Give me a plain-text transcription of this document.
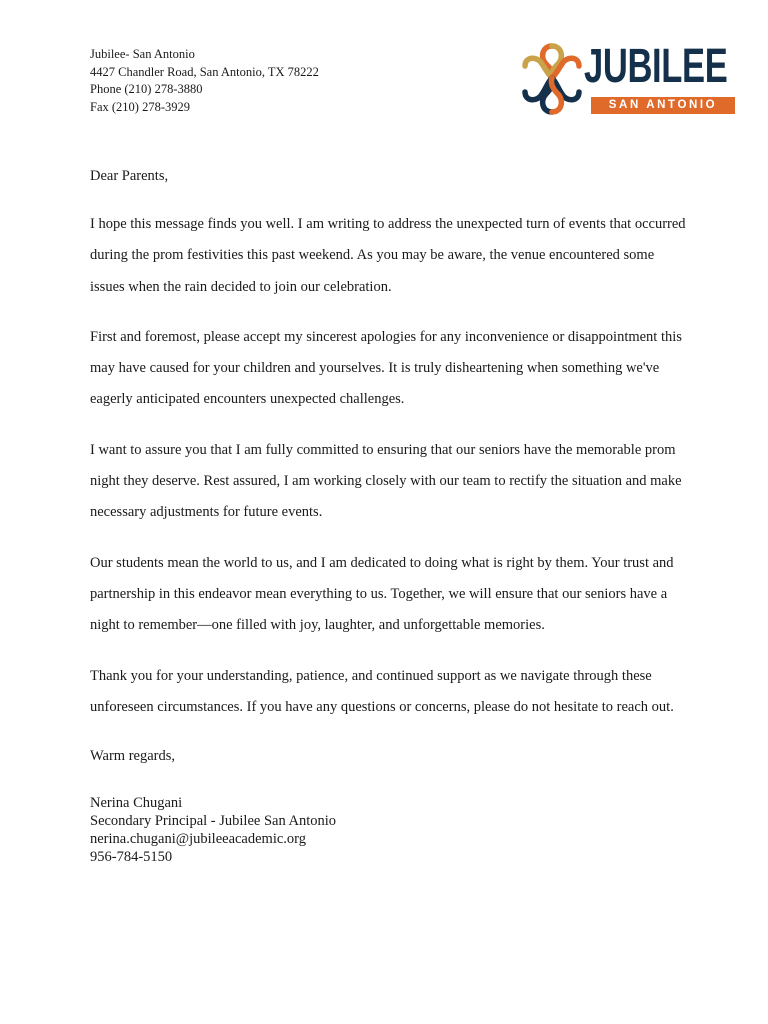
Jubilee- San Antonio
4427 Chandler Road, San Antonio, TX 78222
Phone (210) 278-3880
Fax (210) 278-3929
JUBILEE
SAN ANTONIO

Dear Parents,

I hope this message finds you well. I am writing to address the unexpected turn of events that occurred during the prom festivities this past weekend. As you may be aware, the venue encountered some issues when the rain decided to join our celebration.

First and foremost, please accept my sincerest apologies for any inconvenience or disappointment this may have caused for your children and yourselves. It is truly disheartening when something we've eagerly anticipated encounters unexpected challenges.

I want to assure you that I am fully committed to ensuring that our seniors have the memorable prom night they deserve. Rest assured, I am working closely with our team to rectify the situation and make necessary adjustments for future events.

Our students mean the world to us, and I am dedicated to doing what is right by them. Your trust and partnership in this endeavor mean everything to us. Together, we will ensure that our seniors have a night to remember—one filled with joy, laughter, and unforgettable memories.

Thank you for your understanding, patience, and continued support as we navigate through these unforeseen circumstances. If you have any questions or concerns, please do not hesitate to reach out.

Warm regards,

Nerina Chugani
Secondary Principal - Jubilee San Antonio
nerina.chugani@jubileeacademic.org
956-784-5150
